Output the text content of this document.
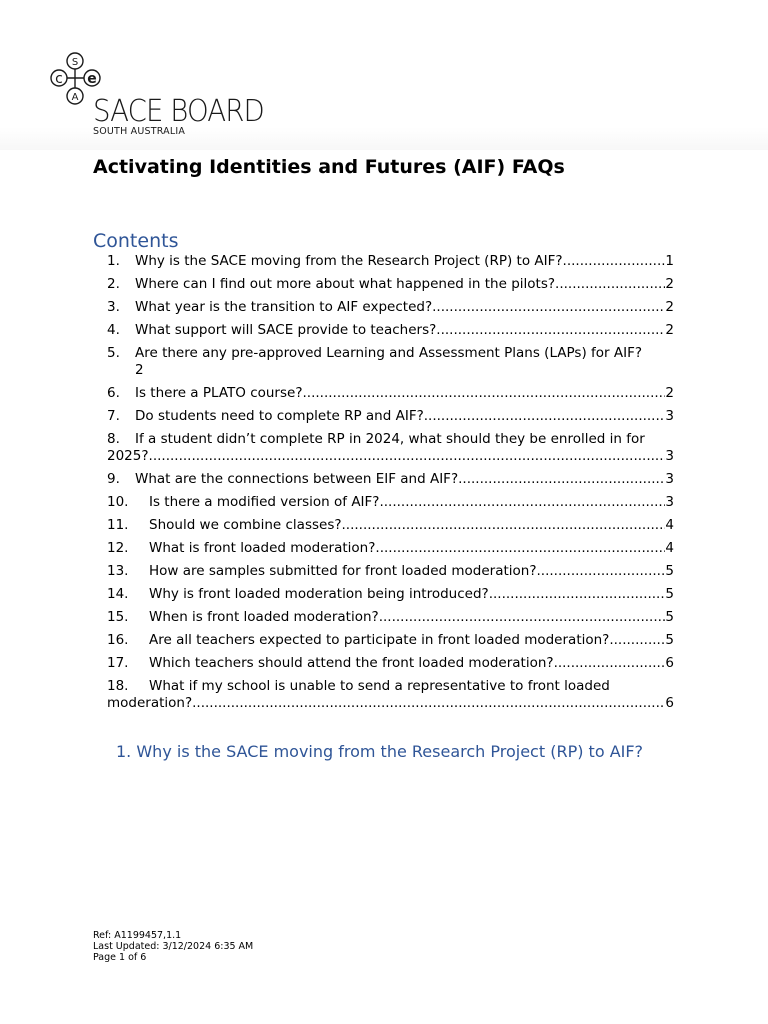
S
c e
A SACE BOARD
SOUTH AUSTRALIA
Activating Identities and Futures (AIF) FAQs
Contents
1.	Why is the SACE moving from the Research Project (RP) to AIF? .....	1
2.	Where can I find out more about what happened in the pilots? .....	2
3.	What year is the transition to AIF expected? .....	2
4.	What support will SACE provide to teachers? .....	2
5.	Are there any pre-approved Learning and Assessment Plans (LAPs) for AIF?
2
6.	Is there a PLATO course? .....	2
7.	Do students need to complete RP and AIF? .....	3
8.	If a student didn’t complete RP in 2024, what should they be enrolled in for
2025? .....	3
9.	What are the connections between EIF and AIF? .....	3
10.	Is there a modified version of AIF? .....	3
11.	Should we combine classes? .....	4
12.	What is front loaded moderation? .....	4
13.	How are samples submitted for front loaded moderation? .....	5
14.	Why is front loaded moderation being introduced? .....	5
15.	When is front loaded moderation? .....	5
16.	Are all teachers expected to participate in front loaded moderation? .....	5
17.	Which teachers should attend the front loaded moderation? .....	6
18.	What if my school is unable to send a representative to front loaded
moderation? .....	6
1. Why is the SACE moving from the Research Project (RP) to AIF?
Ref: A1199457,1.1
Last Updated: 3/12/2024 6:35 AM
Page 1 of 6
